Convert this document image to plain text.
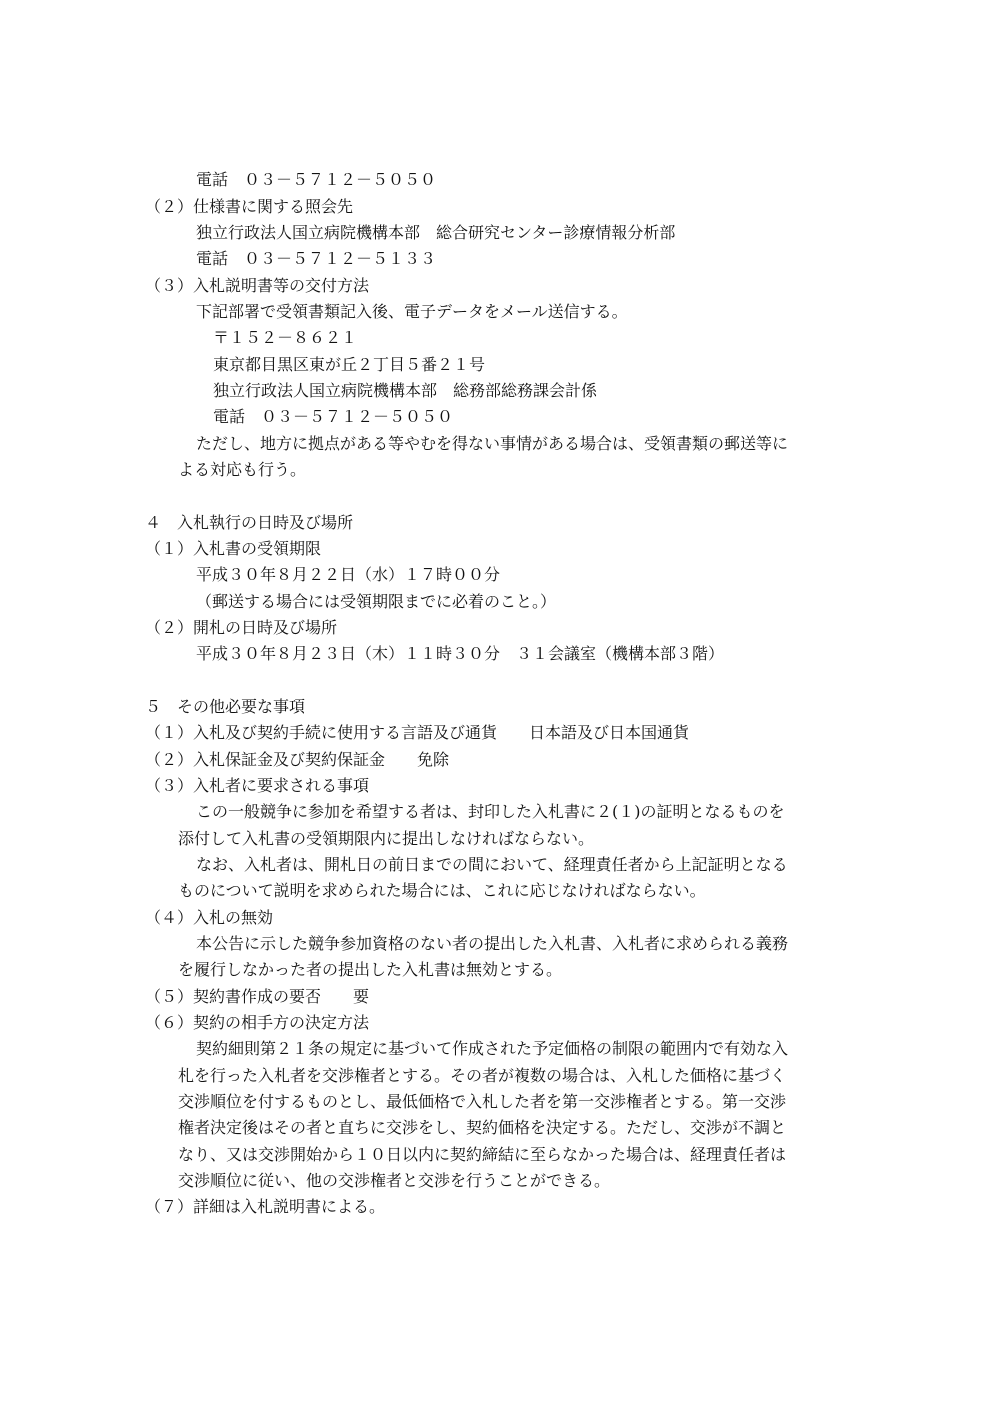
電話　０３－５７１２－５０５０
（２）仕様書に関する照会先
独立行政法人国立病院機構本部　総合研究センター診療情報分析部
電話　０３－５７１２－５１３３
（３）入札説明書等の交付方法
下記部署で受領書類記入後、電子データをメール送信する。
〒１５２－８６２１
東京都目黒区東が丘２丁目５番２１号
独立行政法人国立病院機構本部　総務部総務課会計係
電話　０３－５７１２－５０５０
ただし、地方に拠点がある等やむを得ない事情がある場合は、受領書類の郵送等に
よる対応も行う。
４　入札執行の日時及び場所
（１）入札書の受領期限
平成３０年８月２２日（水）１７時００分
（郵送する場合には受領期限までに必着のこと。）
（２）開札の日時及び場所
平成３０年８月２３日（木）１１時３０分　３１会議室（機構本部３階）
５　その他必要な事項
（１）入札及び契約手続に使用する言語及び通貨　　日本語及び日本国通貨
（２）入札保証金及び契約保証金　　免除
（３）入札者に要求される事項
この一般競争に参加を希望する者は、封印した入札書に２(１)の証明となるものを
添付して入札書の受領期限内に提出しなければならない。
なお、入札者は、開札日の前日までの間において、経理責任者から上記証明となる
ものについて説明を求められた場合には、これに応じなければならない。
（４）入札の無効
本公告に示した競争参加資格のない者の提出した入札書、入札者に求められる義務
を履行しなかった者の提出した入札書は無効とする。
（５）契約書作成の要否　　要
（６）契約の相手方の決定方法
契約細則第２１条の規定に基づいて作成された予定価格の制限の範囲内で有効な入
札を行った入札者を交渉権者とする。その者が複数の場合は、入札した価格に基づく
交渉順位を付するものとし、最低価格で入札した者を第一交渉権者とする。第一交渉
権者決定後はその者と直ちに交渉をし、契約価格を決定する。ただし、交渉が不調と
なり、又は交渉開始から１０日以内に契約締結に至らなかった場合は、経理責任者は
交渉順位に従い、他の交渉権者と交渉を行うことができる。
（７）詳細は入札説明書による。
